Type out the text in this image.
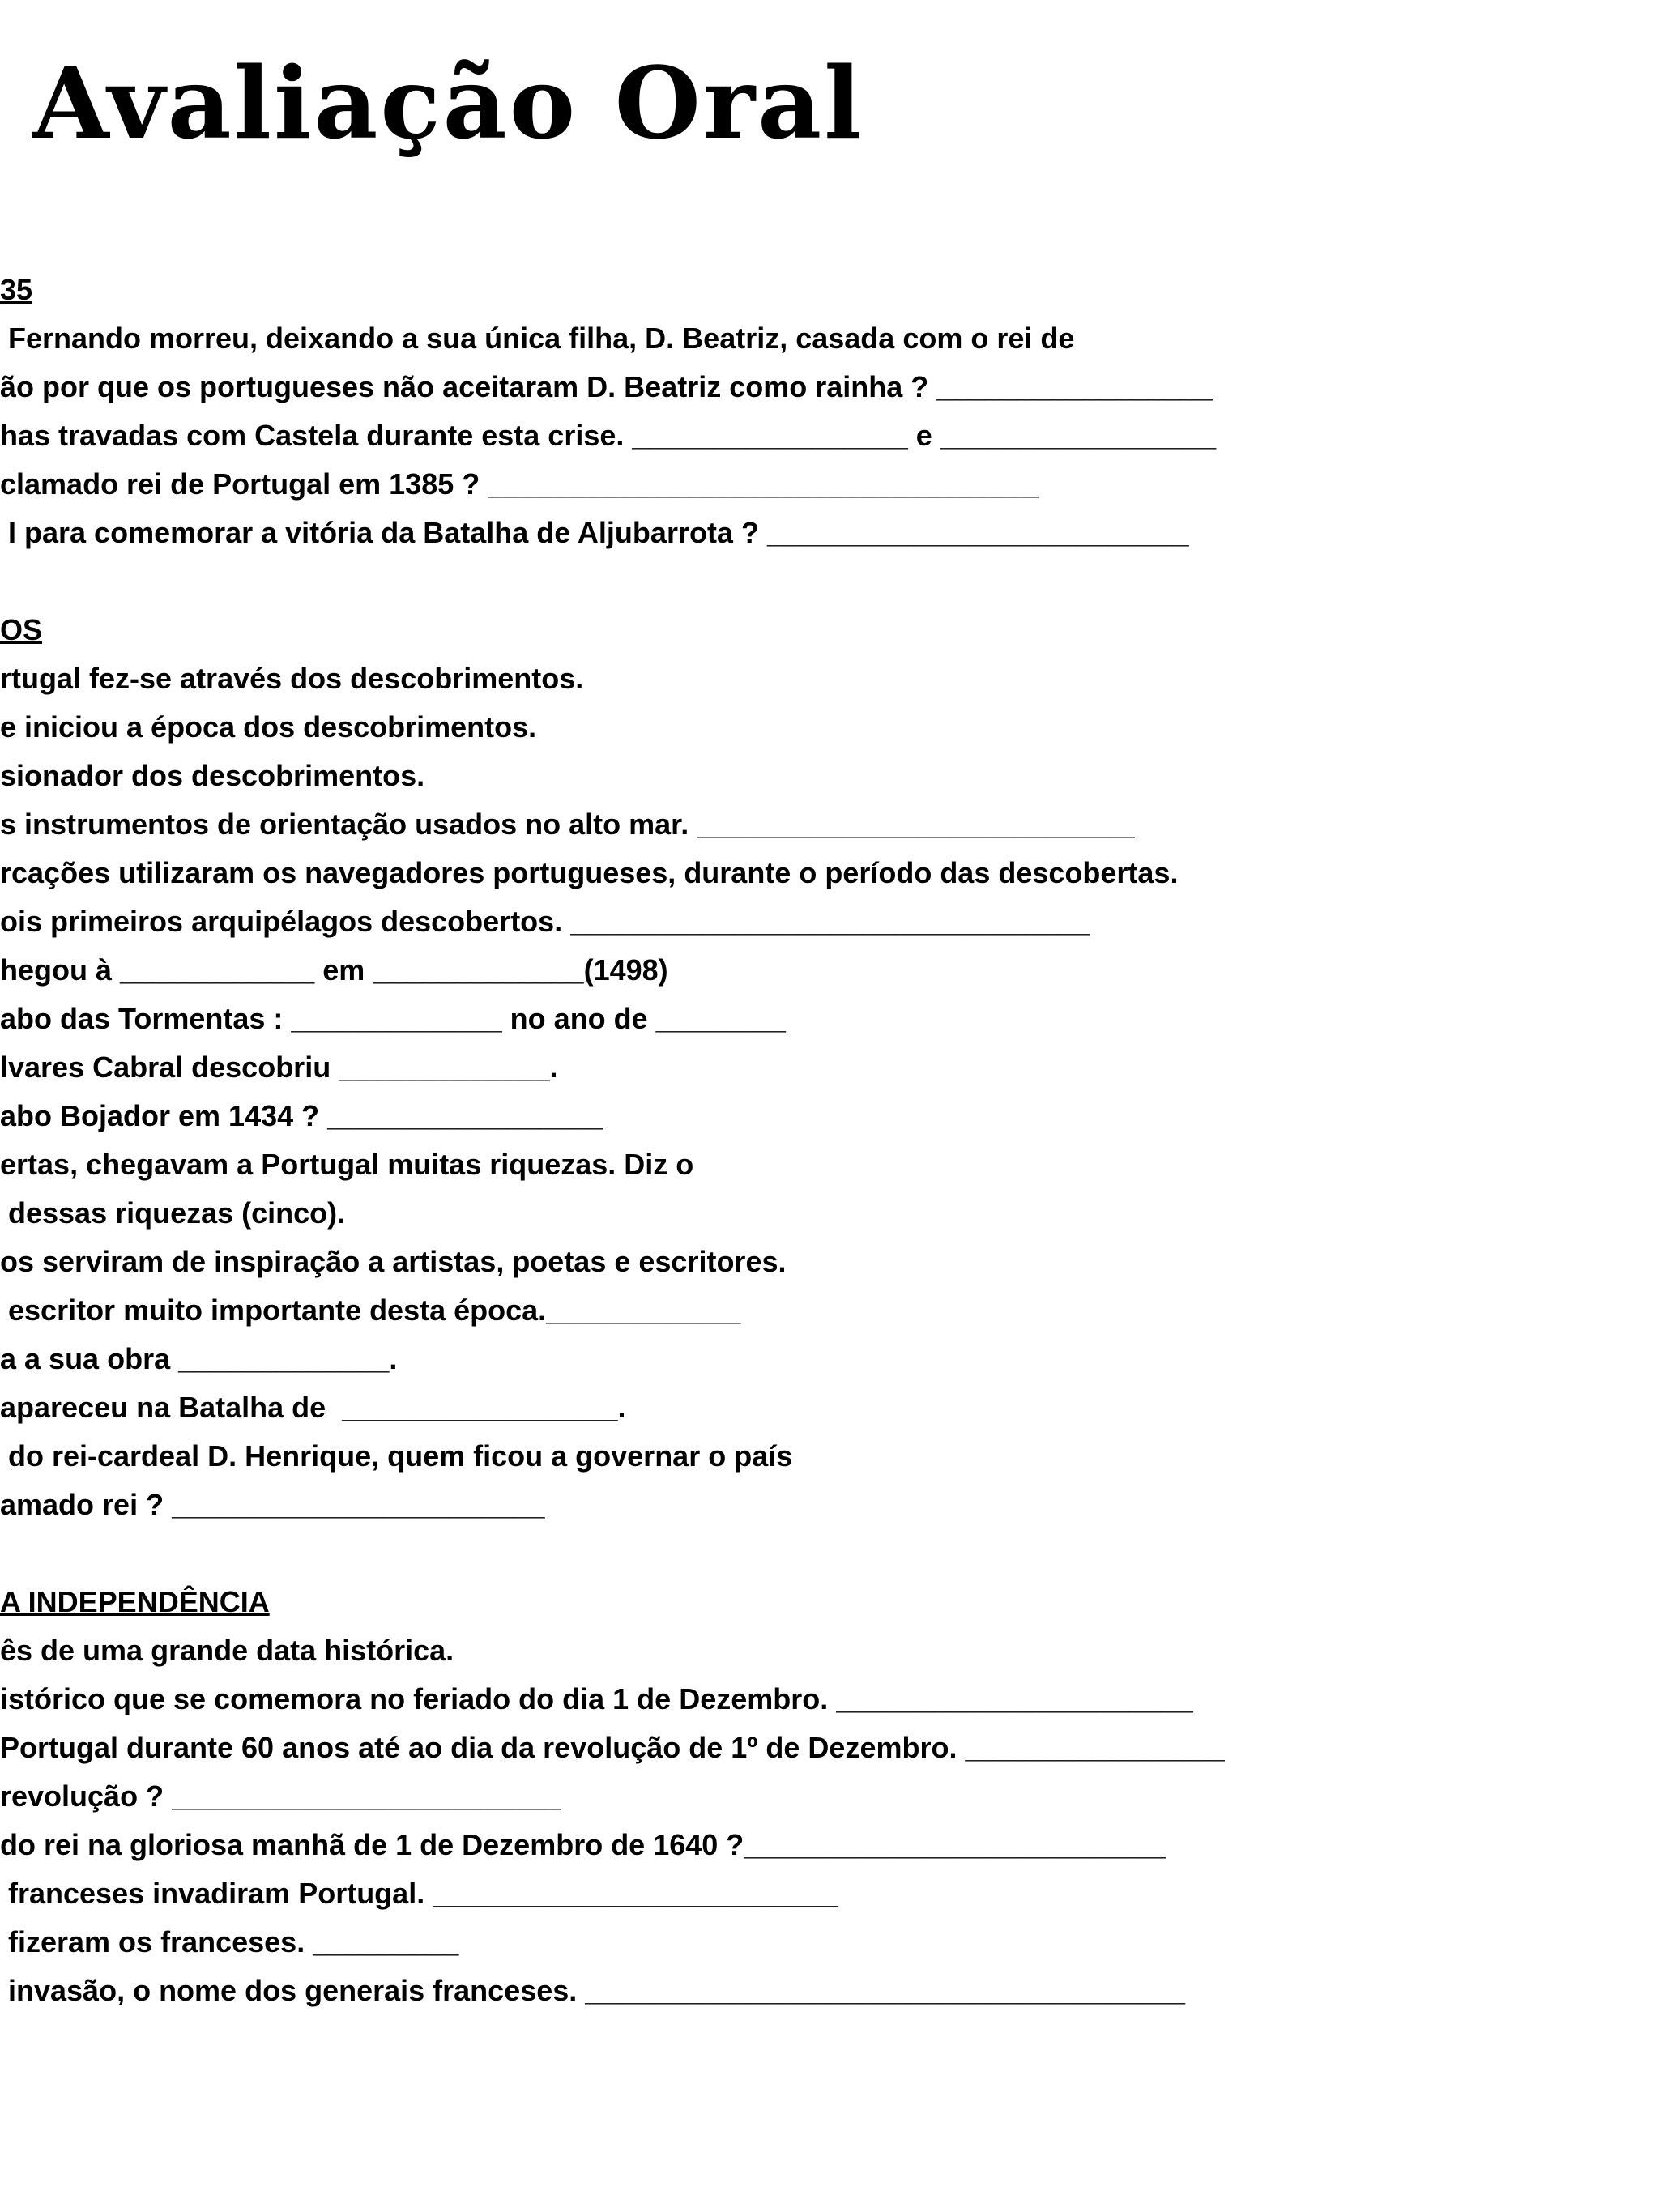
Avaliação Oral
35
Fernando morreu, deixando a sua única filha, D. Beatriz, casada com o rei de
ão por que os portugueses não aceitaram D. Beatriz como rainha ? _________________
has travadas com Castela durante esta crise. _________________ e _________________
clamado rei de Portugal em 1385 ? __________________________________
I para comemorar a vitória da Batalha de Aljubarrota ? __________________________
OS
rtugal fez-se através dos descobrimentos.
e iniciou a época dos descobrimentos.
sionador dos descobrimentos.
s instrumentos de orientação usados no alto mar. ___________________________
rcações utilizaram os navegadores portugueses, durante o período das descobertas.
ois primeiros arquipélagos descobertos. ________________________________
hegou à ____________ em _____________(1498)
abo das Tormentas : _____________ no ano de ________
lvares Cabral descobriu _____________.
abo Bojador em 1434 ? _________________
ertas, chegavam a Portugal muitas riquezas. Diz o
dessas riquezas (cinco).
os serviram de inspiração a artistas, poetas e escritores.
escritor muito importante desta época.____________
a a sua obra _____________.
apareceu na Batalha de  _________________.
do rei-cardeal D. Henrique, quem ficou a governar o país
amado rei ? _______________________
A INDEPENDÊNCIA
ês de uma grande data histórica.
istórico que se comemora no feriado do dia 1 de Dezembro. ______________________
Portugal durante 60 anos até ao dia da revolução de 1º de Dezembro. ________________
revolução ? ________________________
do rei na gloriosa manhã de 1 de Dezembro de 1640 ?__________________________
franceses invadiram Portugal. _________________________
fizeram os franceses. _________
invasão, o nome dos generais franceses. _____________________________________
